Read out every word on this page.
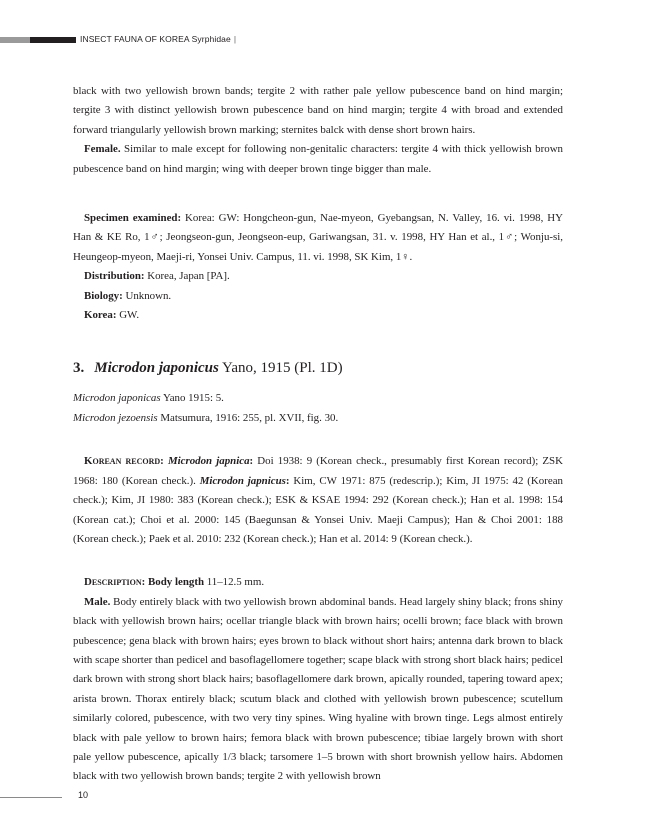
INSECT FAUNA OF KOREA Syrphidae |

black with two yellowish brown bands; tergite 2 with rather pale yellow pubescence band on hind margin; tergite 3 with distinct yellowish brown pubescence band on hind margin; tergite 4 with broad and extended forward triangularly yellowish brown marking; sternites balck with dense short brown hairs.

Female. Similar to male except for following non-genitalic characters: tergite 4 with thick yellowish brown pubescence band on hind margin; wing with deeper brown tinge bigger than male.

Specimen examined: Korea: GW: Hongcheon-gun, Nae-myeon, Gyebangsan, N. Valley, 16. vi. 1998, HY Han & KE Ro, 1♂; Jeongseon-gun, Jeongseon-eup, Gariwangsan, 31. v. 1998, HY Han et al., 1♂; Wonju-si, Heungeop-myeon, Maeji-ri, Yonsei Univ. Campus, 11. vi. 1998, SK Kim, 1♀.

Distribution: Korea, Japan [PA].

Biology: Unknown.

Korea: GW.

3. Microdon japonicus Yano, 1915 (Pl. 1D)

Microdon japonicas Yano 1915: 5.

Microdon jezoensis Matsumura, 1916: 255, pl. XVII, fig. 30.

Korean record: Microdon japnica: Doi 1938: 9 (Korean check., presumably first Korean record); ZSK 1968: 180 (Korean check.). Microdon japnicus: Kim, CW 1971: 875 (redescrip.); Kim, JI 1975: 42 (Korean check.); Kim, JI 1980: 383 (Korean check.); ESK & KSAE 1994: 292 (Korean check.); Han et al. 1998: 154 (Korean cat.); Choi et al. 2000: 145 (Baegunsan & Yonsei Univ. Maeji Campus); Han & Choi 2001: 188 (Korean check.); Paek et al. 2010: 232 (Korean check.); Han et al. 2014: 9 (Korean check.).

Description: Body length 11–12.5 mm.

Male. Body entirely black with two yellowish brown abdominal bands. Head largely shiny black; frons shiny black with yellowish brown hairs; ocellar triangle black with brown hairs; ocelli brown; face black with brown pubescence; gena black with brown hairs; eyes brown to black without short hairs; antenna dark brown to black with scape shorter than pedicel and basoflagellomere together; scape black with strong short black hairs; pedicel dark brown with strong short black hairs; basoflagellomere dark brown, apically rounded, tapering toward apex; arista brown. Thorax entirely black; scutum black and clothed with yellowish brown pubescence; scutellum similarly colored, pubescence, with two very tiny spines. Wing hyaline with brown tinge. Legs almost entirely black with pale yellow to brown hairs; femora black with brown pubescence; tibiae largely brown with short pale yellow pubescence, apically 1/3 black; tarsomere 1–5 brown with short brownish yellow hairs. Abdomen black with two yellowish brown bands; tergite 2 with yellowish brown

10
